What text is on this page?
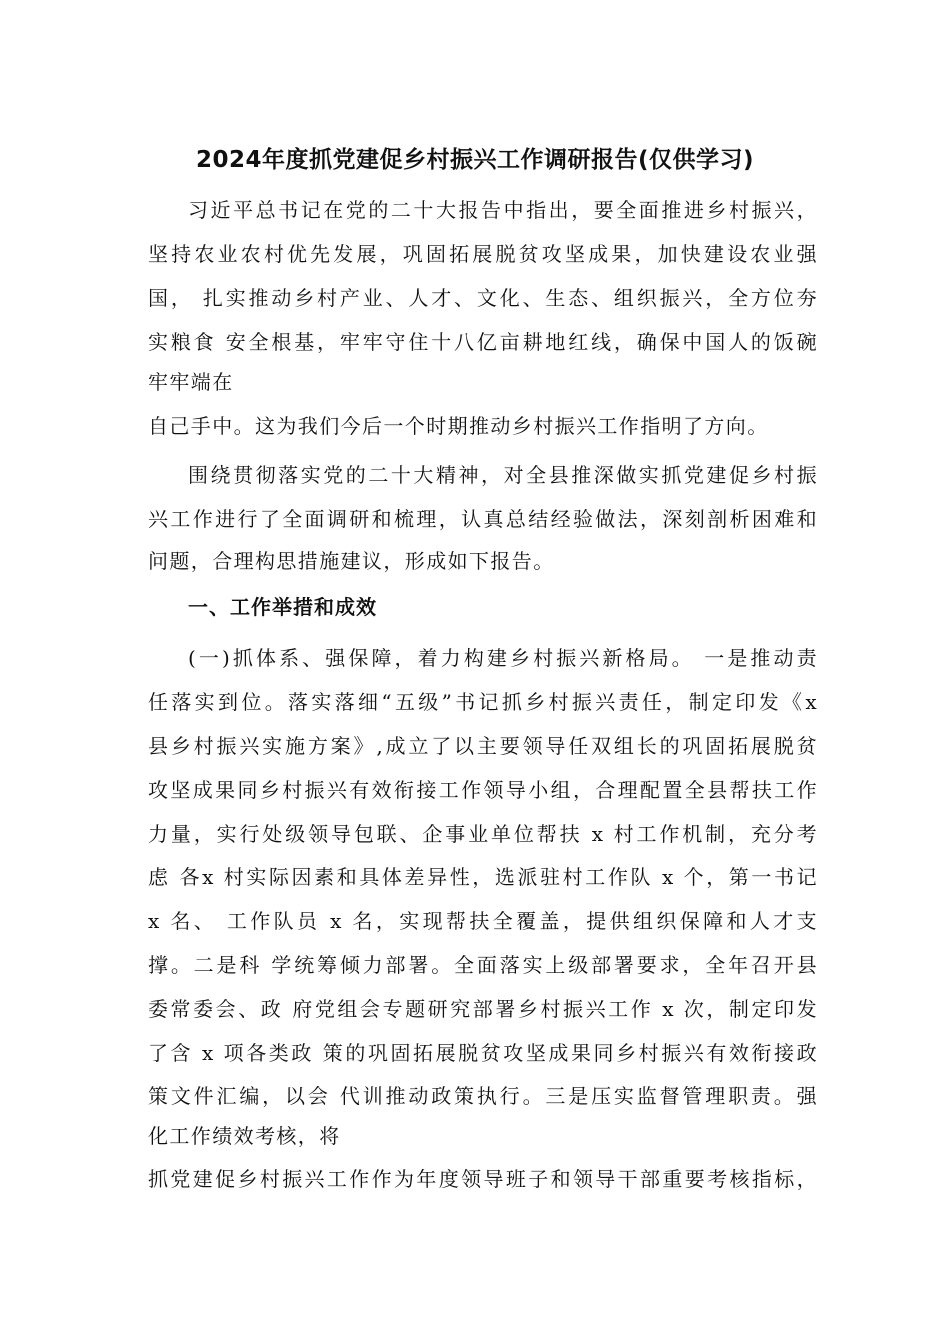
2024年度抓党建促乡村振兴工作调研报告(仅供学习)
习近平总书记在党的二十大报告中指出，要全面推进乡村振兴，
坚持农业农村优先发展，巩固拓展脱贫攻坚成果，加快建设农业强
国， 扎实推动乡村产业、人才、文化、生态、组织振兴，全方位夯
实粮食 安全根基，牢牢守住十八亿亩耕地红线，确保中国人的饭碗
牢牢端在
自己手中。这为我们今后一个时期推动乡村振兴工作指明了方向。
围绕贯彻落实党的二十大精神，对全县推深做实抓党建促乡村振
兴工作进行了全面调研和梳理，认真总结经验做法，深刻剖析困难和
问题，合理构思措施建议，形成如下报告。
一、工作举措和成效
(一)抓体系、强保障，着力构建乡村振兴新格局。 一是推动责
任落实到位。落实落细“五级”书记抓乡村振兴责任，制定印发《x
县乡村振兴实施方案》,成立了以主要领导任双组长的巩固拓展脱贫
攻坚成果同乡村振兴有效衔接工作领导小组，合理配置全县帮扶工作
力量，实行处级领导包联、企事业单位帮扶 x 村工作机制，充分考
虑 各x 村实际因素和具体差异性，选派驻村工作队 x 个，第一书记
x 名、 工作队员 x 名，实现帮扶全覆盖，提供组织保障和人才支
撑。二是科 学统筹倾力部署。全面落实上级部署要求，全年召开县
委常委会、政 府党组会专题研究部署乡村振兴工作 x 次，制定印发
了含 x 项各类政 策的巩固拓展脱贫攻坚成果同乡村振兴有效衔接政
策文件汇编，以会 代训推动政策执行。三是压实监督管理职责。强
化工作绩效考核，将
抓党建促乡村振兴工作作为年度领导班子和领导干部重要考核指标，
